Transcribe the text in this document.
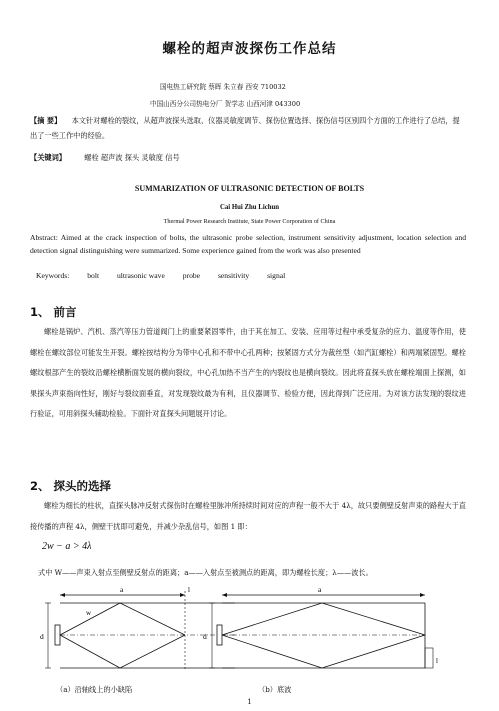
螺栓的超声波探伤工作总结
国电热工研究院 蔡晖 朱立春 西安 710032
中国山西分公司热电分厂 贺学志 山西河津 043300
【摘 要】 本文针对螺栓的裂纹，从超声波探头选取、仪器灵敏度调节、探伤位置选择、探伤信号区别四个方面的工作进行了总结，提出了一些工作中的经验。
【关键词】	螺栓 超声波 探头 灵敏度 信号
SUMMARIZATION OF ULTRASONIC DETECTION OF BOLTS
Cai Hui Zhu Lichun
Thermal Power Research Institute, State Power Corporation of China
Abstract: Aimed at the crack inspection of bolts, the ultrasonic probe selection, instrument sensitivity adjustment, location selection and detection signal distinguishing were summarized. Some experience gained from the work was also presented
Keywords: bolt ultrasonic wave probe sensitivity signal
1、 前言

螺栓是锅炉、汽机、蒸汽等压力管道阀门上的重要紧固零件，由于其在加工、安装、应用等过程中承受复杂的应力、温度等作用，使螺栓在螺纹部位可能发生开裂。螺栓按结构分为带中心孔和不带中心孔两种；按紧固方式分为裁丝型（如汽缸螺栓）和两端紧固型。螺栓螺纹根部产生的裂纹沿螺栓横断面发展的横向裂纹，中心孔加热不当产生的内裂纹也是横向裂纹。因此将直探头放在螺栓端面上探测，如果探头声束指向性好，刚好与裂纹面垂直，对发现裂纹最为有利，且仪器调节、检验方便，因此得到广泛应用。为对该方法发现的裂纹进行验证，可用斜探头辅助检验。下面针对直探头问题展开讨论。

2、 探头的选择

螺栓为细长的柱状，直探头脉冲反射式探伤时在螺栓里脉冲所持续时间对应的声程一般不大于 4λ，故只要侧壁反射声束的路程大于直接传播的声程 4λ，侧壁干扰即可避免，并减少杂乱信号，如图 1 即：

2w − a > 4λ
式中 W——声束入射点至侧壁反射点的距离；a——入射点至被测点的距离，即为螺栓长度；λ——波长。
a
d
w
l	a
d
l
（a）沿轴线上的小缺陷	（b）底波
1
